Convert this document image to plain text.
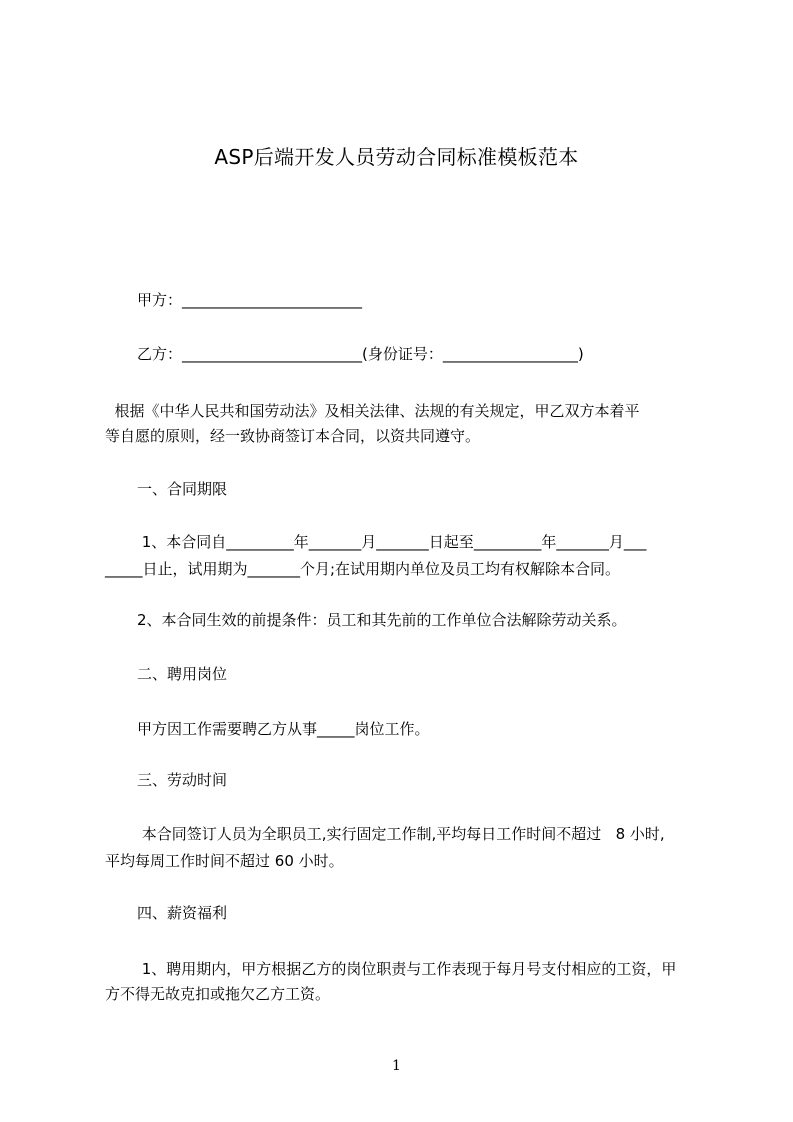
ASP后端开发人员劳动合同标准模板范本

甲方：________________________

乙方：________________________(身份证号：__________________)

根据《中华人民共和国劳动法》及相关法律、法规的有关规定，甲乙双方本着平

等自愿的原则，经一致协商签订本合同，以资共同遵守。

一、合同期限

1、本合同自_________年_______月_______日起至_________年_______月___

_____日止，试用期为_______个月;在试用期内单位及员工均有权解除本合同。

2、本合同生效的前提条件：员工和其先前的工作单位合法解除劳动关系。

二、聘用岗位

甲方因工作需要聘乙方从事_____岗位工作。

三、劳动时间

本合同签订人员为全职员工,实行固定工作制,平均每日工作时间不超过   8 小时,

平均每周工作时间不超过 60 小时。

四、薪资福利

1、聘用期内，甲方根据乙方的岗位职责与工作表现于每月号支付相应的工资，甲

方不得无故克扣或拖欠乙方工资。

1
